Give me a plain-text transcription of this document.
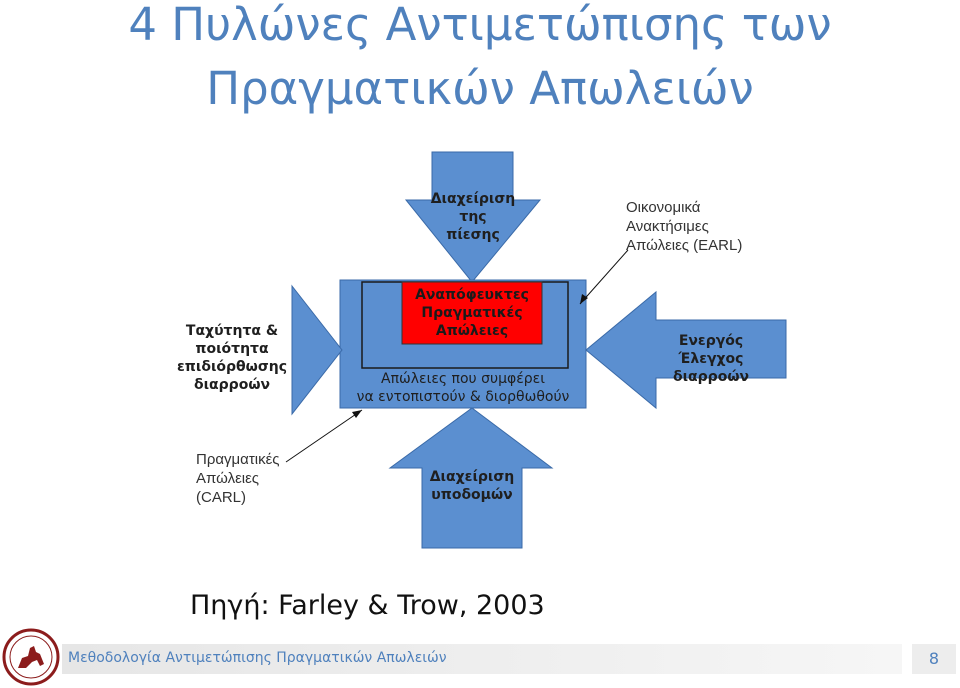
4 Πυλώνες Αντιμετώπισης των
Πραγματικών Απωλειών
Διαχείριση
της
πίεσης
Αναπόφευκτες
Πραγματικές
Απώλειες
Απώλειες που συμφέρει
να εντοπιστούν & διορθωθούν
Ταχύτητα & ποιότητα
επιδιόρθωσης
διαρροών
Ενεργός Έλεγχος
διαρροών
Διαχείριση
υποδομών
Οικονομικά
Ανακτήσιμες
Απώλειες (EARL)
Πραγματικές
Απώλειες
(CARL)
Πηγή: Farley & Trow, 2003
Μεθοδολογία Αντιμετώπισης Πραγματικών Απωλειών	8
